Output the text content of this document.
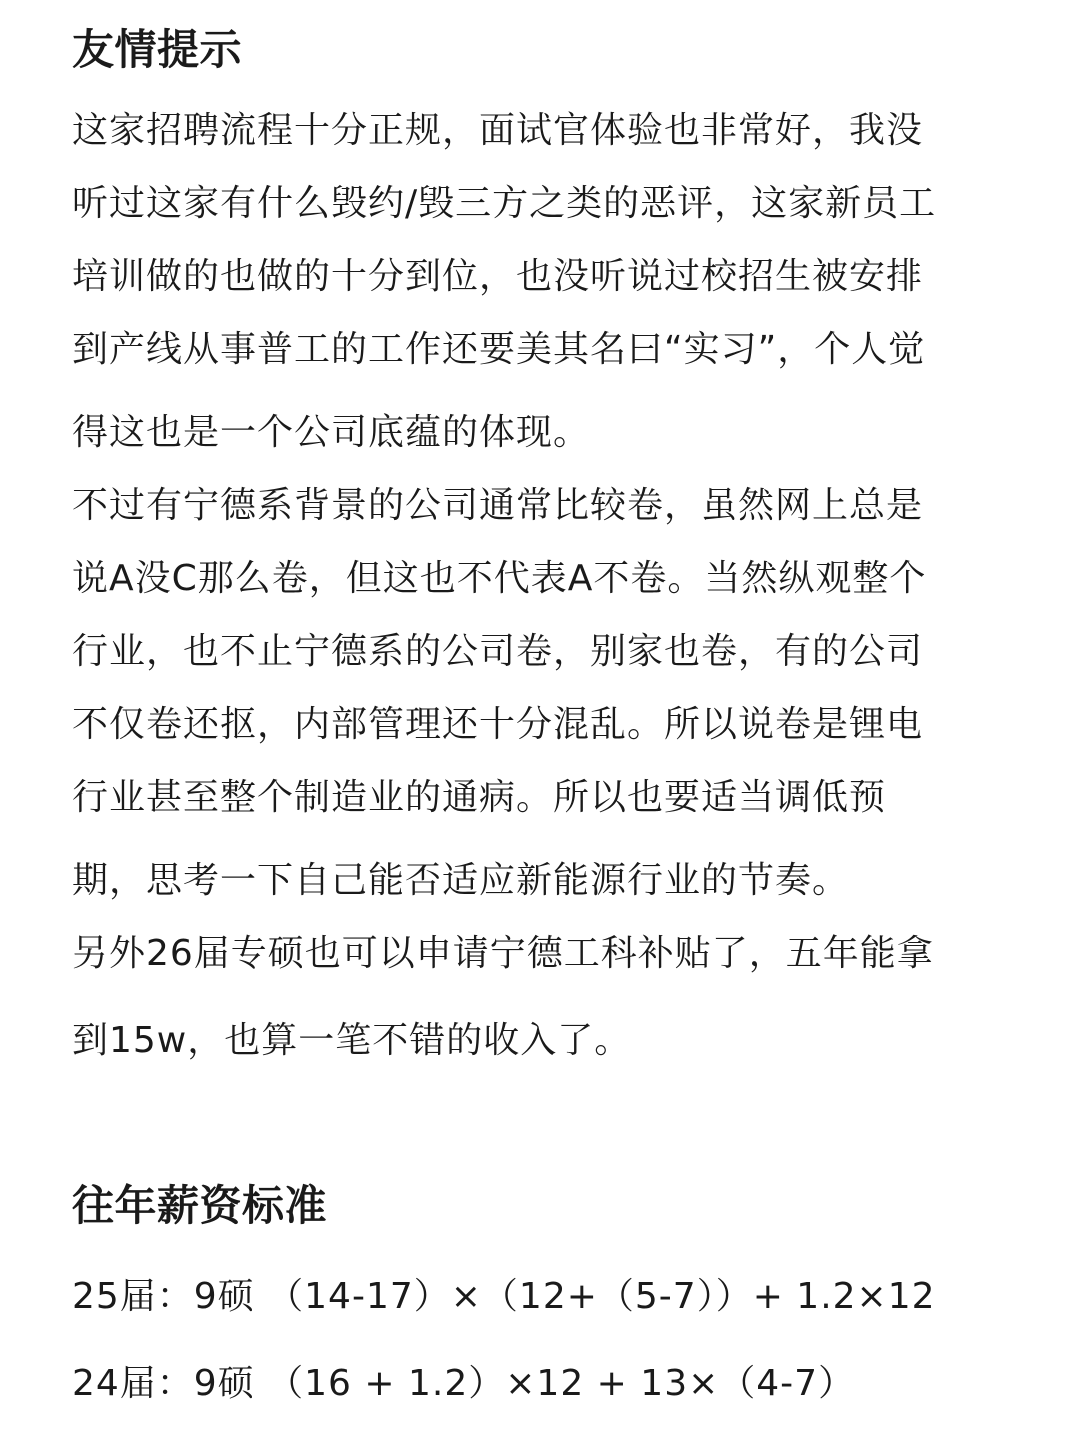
友情提示
这家招聘流程十分正规，面试官体验也非常好，我没
听过这家有什么毁约/毁三方之类的恶评，这家新员工
培训做的也做的十分到位，也没听说过校招生被安排
到产线从事普工的工作还要美其名曰“实习”，个人觉
得这也是一个公司底蕴的体现。
不过有宁德系背景的公司通常比较卷，虽然网上总是
说A没C那么卷，但这也不代表A不卷。当然纵观整个
行业，也不止宁德系的公司卷，别家也卷，有的公司
不仅卷还抠，内部管理还十分混乱。所以说卷是锂电
行业甚至整个制造业的通病。所以也要适当调低预
期，思考一下自己能否适应新能源行业的节奏。
另外26届专硕也可以申请宁德工科补贴了，五年能拿
到15w，也算一笔不错的收入了。
往年薪资标准
25届：9硕 （14-17）×（12+（5-7））+ 1.2×12
24届：9硕 （16 + 1.2）×12 + 13×（4-7）
